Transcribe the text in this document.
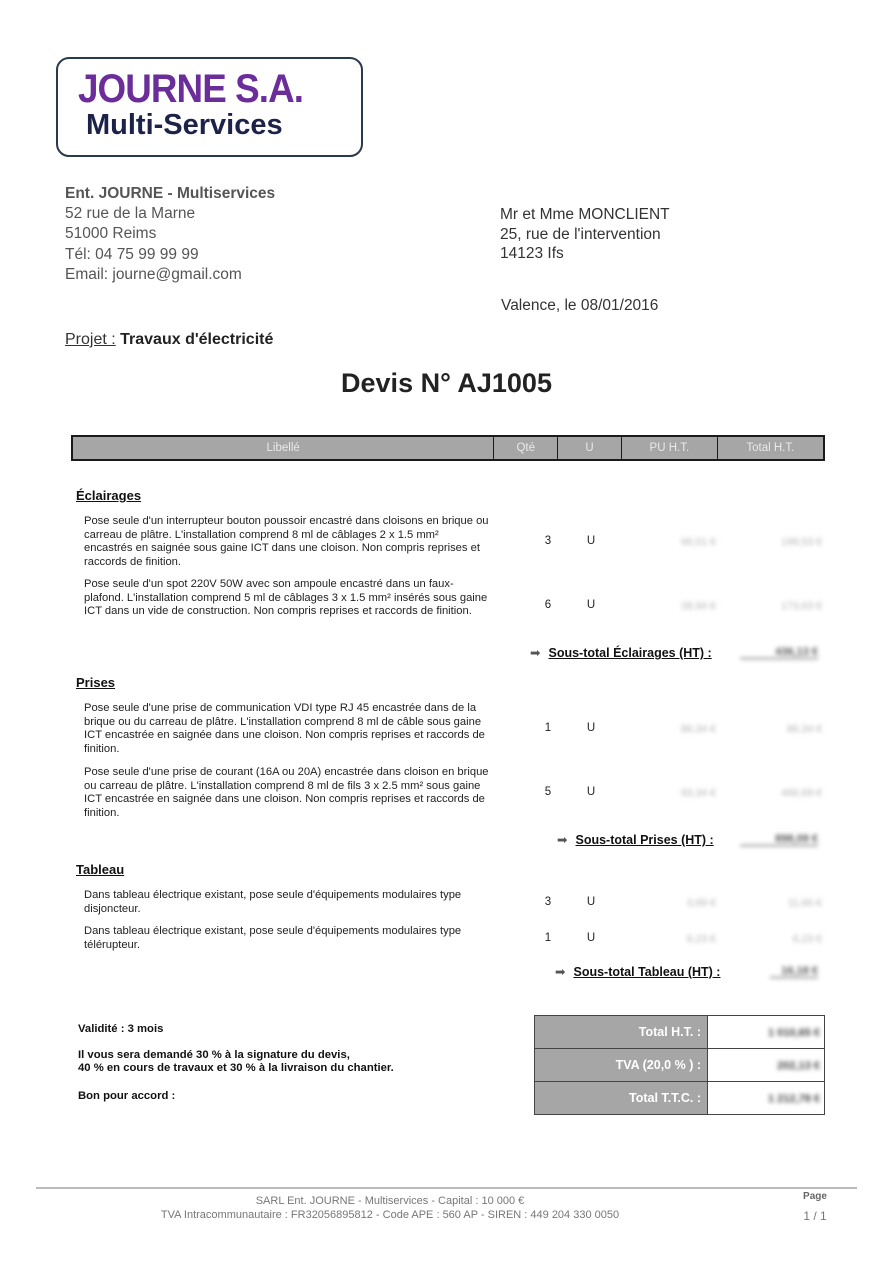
JOURNE S.A.
Multi-Services
Ent. JOURNE - Multiservices
52 rue de la Marne
51000 Reims
Tél: 04 75 99 99 99
Email: journe@gmail.com
Mr et Mme MONCLIENT
25, rue de l'intervention
14123 Ifs
Valence, le 08/01/2016
Projet : Travaux d'électricité
Devis N° AJ1005
Libellé	Qté	U	PU H.T.	Total H.T.
Éclairages
Pose seule d'un interrupteur bouton poussoir encastré dans cloisons en brique ou carreau de plâtre. L'installation comprend 8 ml de câblages 2 x 1.5 mm² encastrés en saignée sous gaine ICT dans une cloison. Non compris reprises et raccords de finition.
3	U	66,51 €	199,53 €
Pose seule d'un spot 220V 50W avec son ampoule encastré dans un faux-plafond. L'installation comprend 5 ml de câblages 3 x 1.5 mm² insérés sous gaine ICT dans un vide de construction. Non compris reprises et raccords de finition.
6	U	28,94 €	173,63 €
➡ Sous-total Éclairages (HT) :	436,13 €
Prises
Pose seule d'une prise de communication VDI type RJ 45 encastrée dans de la brique ou du carreau de plâtre. L'installation comprend 8 ml de câble sous gaine ICT encastrée en saignée dans une cloison. Non compris reprises et raccords de finition.
1	U	86,34 €	86,34 €
Pose seule d'une prise de courant (16A ou 20A) encastrée dans cloison en brique ou carreau de plâtre. L'installation comprend 8 ml de fils 3 x 2.5 mm² sous gaine ICT encastrée en saignée dans une cloison. Non compris reprises et raccords de finition.
5	U	93,34 €	466,69 €
➡ Sous-total Prises (HT) :	898,09 €
Tableau
Dans tableau électrique existant, pose seule d'équipements modulaires type disjoncteur.
3	U	3,89 €	11,66 €
Dans tableau électrique existant, pose seule d'équipements modulaires type télérupteur.
1	U	6,23 €	6,23 €
➡ Sous-total Tableau (HT) :	16,18 €
Validité : 3 mois
Il vous sera demandé 30 % à la signature du devis,
40 % en cours de travaux et 30 % à la livraison du chantier.
Bon pour accord :
Total H.T. :	1 010,65 €
TVA (20,0 % ) :	202,13 €
Total T.T.C. :	1 212,78 €
SARL Ent. JOURNE - Multiservices - Capital : 10 000 €
TVA Intracommunautaire : FR32056895812 - Code APE : 560 AP - SIREN : 449 204 330 0050
Page
1 / 1
